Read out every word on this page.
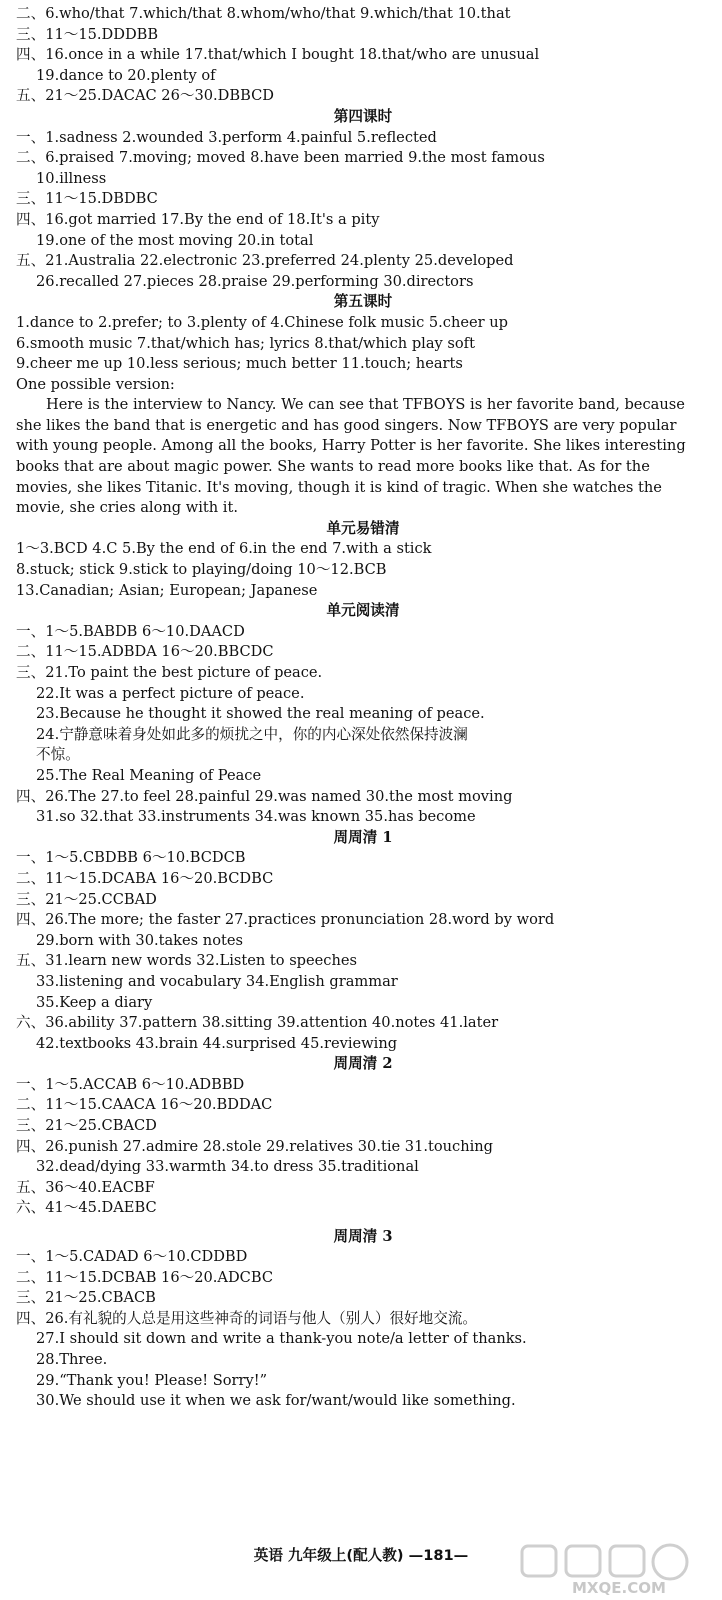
二、6.who/that 7.which/that 8.whom/who/that 9.which/that 10.that
三、11～15.DDDBB
四、16.once in a while 17.that/which I bought 18.that/who are unusual
19.dance to 20.plenty of
五、21～25.DACAC 26～30.DBBCD
第四课时
一、1.sadness 2.wounded 3.perform 4.painful 5.reflected
二、6.praised 7.moving; moved 8.have been married 9.the most famous
10.illness
三、11～15.DBDBC
四、16.got married 17.By the end of 18.It's a pity
19.one of the most moving 20.in total
五、21.Australia 22.electronic 23.preferred 24.plenty 25.developed
26.recalled 27.pieces 28.praise 29.performing 30.directors
第五课时
1.dance to 2.prefer; to 3.plenty of 4.Chinese folk music 5.cheer up
6.smooth music 7.that/which has; lyrics 8.that/which play soft
9.cheer me up 10.less serious; much better 11.touch; hearts
One possible version:
Here is the interview to Nancy. We can see that TFBOYS is her favorite band, because she likes the band that is energetic and has good singers. Now TFBOYS are very popular with young people. Among all the books, Harry Potter is her favorite. She likes interesting books that are about magic power. She wants to read more books like that. As for the movies, she likes Titanic. It's moving, though it is kind of tragic. When she watches the movie, she cries along with it.
单元易错清
1～3.BCD 4.C 5.By the end of 6.in the end 7.with a stick
8.stuck; stick 9.stick to playing/doing 10～12.BCB
13.Canadian; Asian; European; Japanese
单元阅读清
一、1～5.BABDB 6～10.DAACD
二、11～15.ADBDA 16～20.BBCDC
三、21.To paint the best picture of peace.
22.It was a perfect picture of peace.
23.Because he thought it showed the real meaning of peace.
24.宁静意味着身处如此多的烦扰之中，你的内心深处依然保持波澜
不惊。
25.The Real Meaning of Peace
四、26.The 27.to feel 28.painful 29.was named 30.the most moving
31.so 32.that 33.instruments 34.was known 35.has become
周周清 1
一、1～5.CBDBB 6～10.BCDCB
二、11～15.DCABA 16～20.BCDBC
三、21～25.CCBAD
四、26.The more; the faster 27.practices pronunciation 28.word by word
29.born with 30.takes notes
五、31.learn new words 32.Listen to speeches
33.listening and vocabulary 34.English grammar
35.Keep a diary
六、36.ability 37.pattern 38.sitting 39.attention 40.notes 41.later
42.textbooks 43.brain 44.surprised 45.reviewing
周周清 2
一、1～5.ACCAB 6～10.ADBBD
二、11～15.CAACA 16～20.BDDAC
三、21～25.CBACD
四、26.punish 27.admire 28.stole 29.relatives 30.tie 31.touching
32.dead/dying 33.warmth 34.to dress 35.traditional
五、36～40.EACBF
六、41～45.DAEBC
周周清 3
一、1～5.CADAD 6～10.CDDBD
二、11～15.DCBAB 16～20.ADCBC
三、21～25.CBACB
四、26.有礼貌的人总是用这些神奇的词语与他人（别人）很好地交流。
27.I should sit down and write a thank-you note/a letter of thanks.
28.Three.
29.“Thank you! Please! Sorry!”
30.We should use it when we ask for/want/would like something.
英语 九年级上(配人教) —181—
MXQE.COM
